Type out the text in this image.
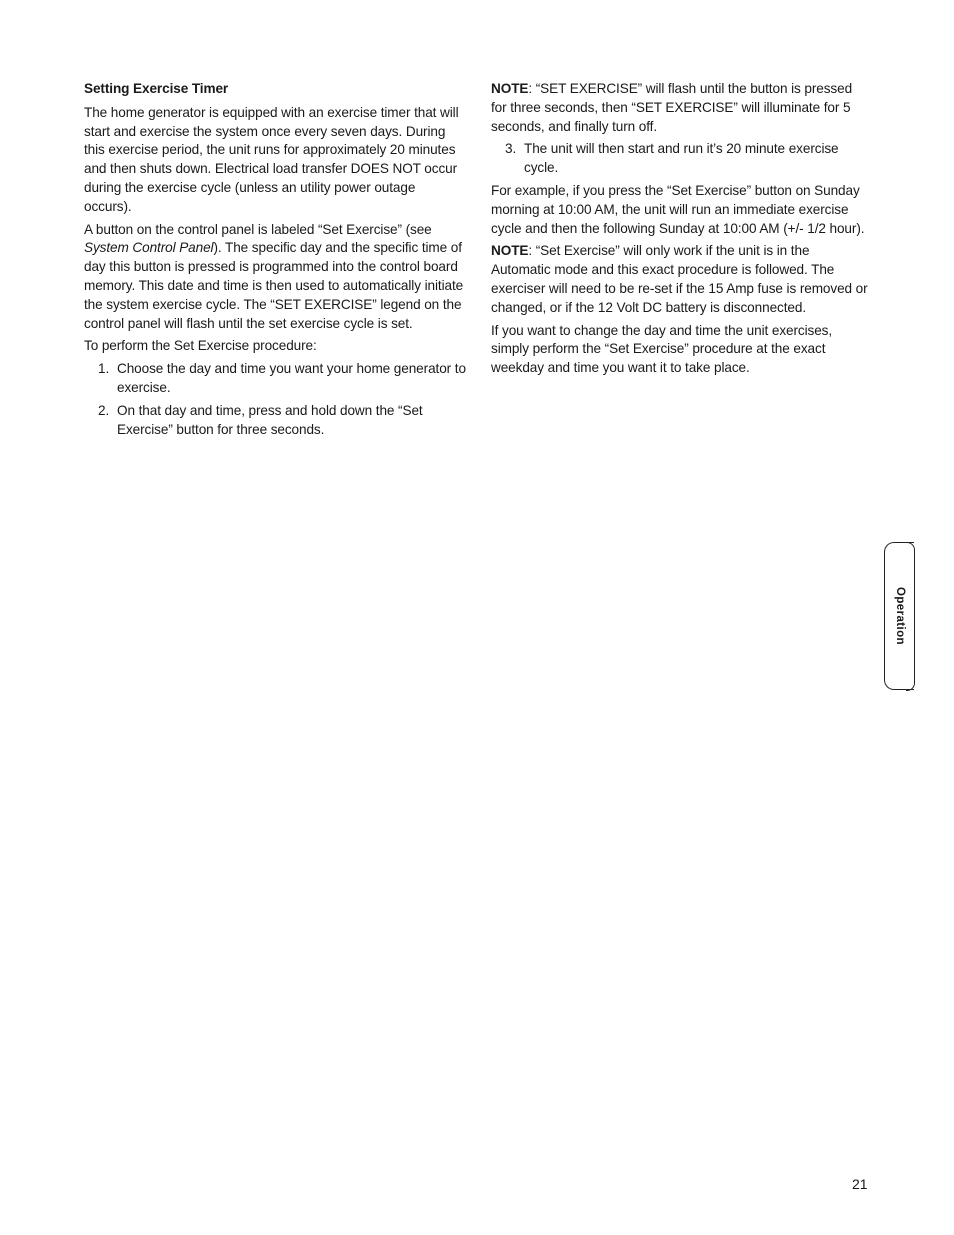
Setting Exercise Timer

The home generator is equipped with an exercise timer that will start and exercise the system once every seven days. During this exercise period, the unit runs for approximately 20 minutes and then shuts down. Electrical load transfer DOES NOT occur during the exercise cycle (unless an utility power outage occurs).

A button on the control panel is labeled “Set Exercise” (see System Control Panel). The specific day and the specific time of day this button is pressed is programmed into the control board memory. This date and time is then used to automatically initiate the system exercise cycle. The “SET EXERCISE” legend on the control panel will flash until the set exercise cycle is set.

To perform the Set Exercise procedure:

1. Choose the day and time you want your home generator to exercise.
2. On that day and time, press and hold down the “Set Exercise” button for three seconds.

NOTE: “SET EXERCISE” will flash until the button is pressed for three seconds, then “SET EXERCISE” will illuminate for 5 seconds, and finally turn off.

3. The unit will then start and run it’s 20 minute exercise cycle.

For example, if you press the “Set Exercise” button on Sunday morning at 10:00 AM, the unit will run an immediate exercise cycle and then the following Sunday at 10:00 AM (+/- 1/2 hour).

NOTE: “Set Exercise” will only work if the unit is in the Automatic mode and this exact procedure is followed. The exerciser will need to be re-set if the 15 Amp fuse is removed or changed, or if the 12 Volt DC battery is disconnected.

If you want to change the day and time the unit exercises, simply perform the “Set Exercise” procedure at the exact weekday and time you want it to take place.

Operation
21
